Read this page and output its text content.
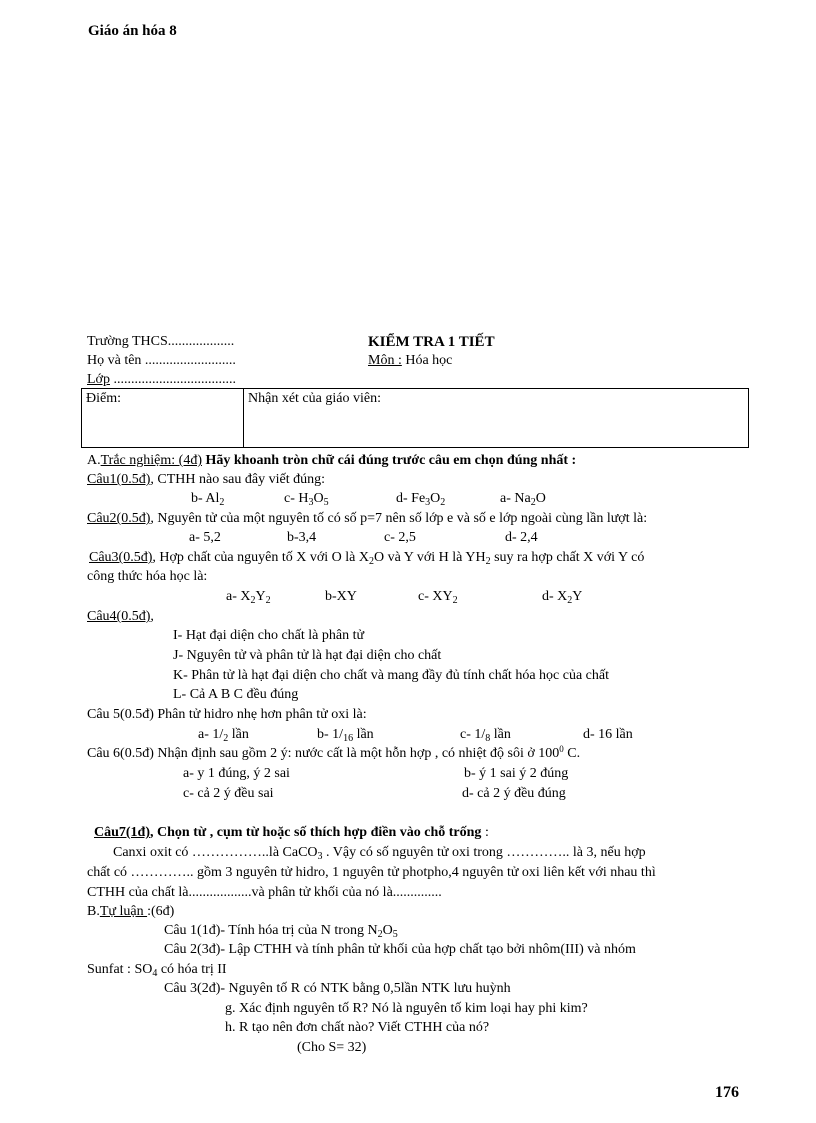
Giáo án hóa 8
Trường THCS...................
Họ và tên ..........................
Lớp ...................................
KIỂM TRA 1 TIẾT
Môn : Hóa học
Điểm:	Nhận xét của giáo viên:
A.Trắc nghiệm: (4đ) Hãy khoanh tròn chữ cái đúng trước câu em chọn đúng nhất :
Câu1(0.5đ), CTHH nào sau đây viết đúng:
b- $Al_2$	c- $H_3O_5$	d- $Fe_3O_2$	a- $Na_2O$
Câu2(0.5đ), Nguyên tử của một nguyên tố có số p=7 nên số lớp e và số e lớp ngoài cùng lần lượt là:
a- 5,2	b-3,4	c- 2,5	d- 2,4
Câu3(0.5đ), Hợp chất của nguyên tố X với O là $X_2O$ và Y với H là $YH_2$ suy ra hợp chất X với Y có
công thức hóa học là:
a- $X_2Y_2$	b-XY	c- $XY_2$	d- $X_2Y$
Câu4(0.5đ),
I- Hạt đại diện cho chất là phân tử
J- Nguyên tử và phân tử là hạt đại diện cho chất
K- Phân tử là hạt đại diện cho chất và mang đầy đủ tính chất hóa học của chất
L- Cả A B C đều đúng
Câu 5(0.5đ) Phân tử hidro nhẹ hơn phân tử oxi là:
a- $1/_2$ lần	b- $1/_{16}$ lần	c- $1/_8$ lần	d- 16 lần
Câu 6(0.5đ) Nhận định sau gồm 2 ý: nước cất là một hỗn hợp , có nhiệt độ sôi ở $100^0$ C.
a- y 1 đúng, ý 2 sai	b- ý 1 sai ý 2 đúng
c- cả 2 ý đều sai	d- cả 2 ý đều đúng
Câu7(1đ), Chọn từ , cụm từ hoặc số thích hợp điền vào chỗ trống :
Canxi oxit có ……………..là CaCO$_3$ . Vậy có số nguyên tử oxi trong ………….. là 3, nếu hợp
chất có ………….. gồm 3 nguyên tử hidro, 1 nguyên tử photpho,4 nguyên tử oxi liên kết với nhau thì
CTHH của chất là..................và phân tử khối của nó là..............
B.Tự luận :(6đ)
Câu 1(1đ)- Tính hóa trị của N trong $N_2O_5$
Câu 2(3đ)- Lập CTHH và tính phân tử khối của hợp chất tạo bởi nhôm(III) và nhóm
Sunfat : $SO_4$ có hóa trị II
Câu 3(2đ)- Nguyên tố R có NTK bằng 0,5lần NTK lưu huỳnh
g. Xác định nguyên tố R? Nó là nguyên tố kim loại hay phi kim?
h. R tạo nên đơn chất nào? Viết CTHH của nó?
(Cho S= 32)
176
